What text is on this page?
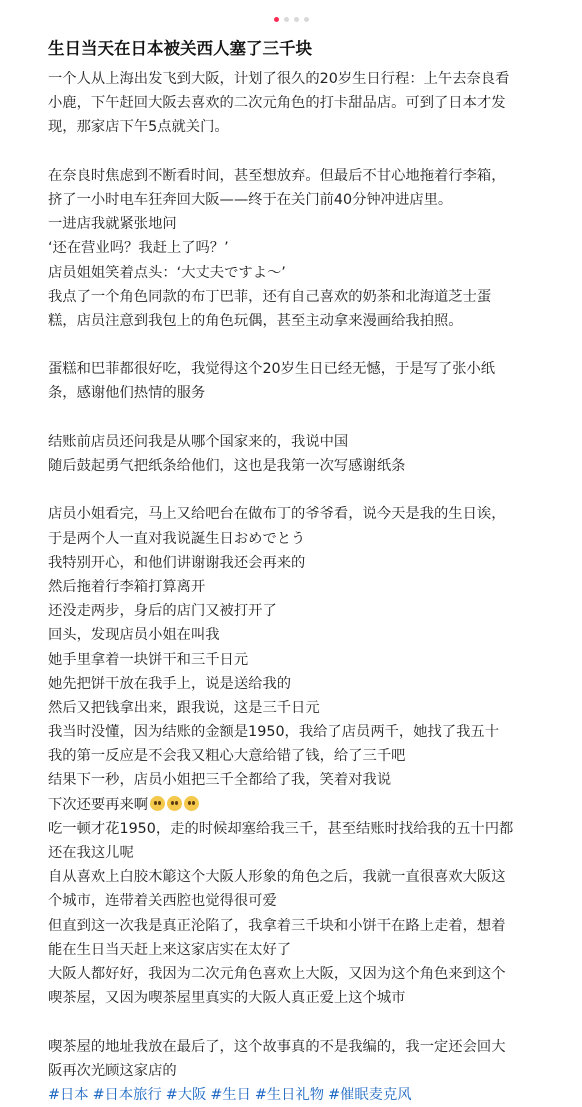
生日当天在日本被关西人塞了三千块
一个人从上海出发飞到大阪，计划了很久的20岁生日行程：上午去奈良看
小鹿，下午赶回大阪去喜欢的二次元角色的打卡甜品店。可到了日本才发
现，那家店下午5点就关门。
在奈良时焦虑到不断看时间，甚至想放弃。但最后不甘心地拖着行李箱，
挤了一小时电车狂奔回大阪——终于在关门前40分钟冲进店里。
一进店我就紧张地问
‘还在营业吗？我赶上了吗？’
店员姐姐笑着点头：‘大丈夫ですよ～’
我点了一个角色同款的布丁巴菲，还有自己喜欢的奶茶和北海道芝士蛋
糕，店员注意到我包上的角色玩偶，甚至主动拿来漫画给我拍照。
蛋糕和巴菲都很好吃，我觉得这个20岁生日已经无憾，于是写了张小纸
条，感谢他们热情的服务
结账前店员还问我是从哪个国家来的，我说中国
随后鼓起勇气把纸条给他们，这也是我第一次写感谢纸条
店员小姐看完，马上又给吧台在做布丁的爷爷看，说今天是我的生日诶，
于是两个人一直对我说誕生日おめでとう
我特别开心，和他们讲谢谢我还会再来的
然后拖着行李箱打算离开
还没走两步，身后的店门又被打开了
回头，发现店员小姐在叫我
她手里拿着一块饼干和三千日元
她先把饼干放在我手上，说是送给我的
然后又把钱拿出来，跟我说，这是三千日元
我当时没懂，因为结账的金额是1950，我给了店员两千，她找了我五十
我的第一反应是不会我又粗心大意给错了钱，给了三千吧
结果下一秒，店员小姐把三千全都给了我，笑着对我说
下次还要再来啊
吃一顿才花1950，走的时候却塞给我三千，甚至结账时找给我的五十円都
还在我这儿呢
自从喜欢上白胶木簓这个大阪人形象的角色之后，我就一直很喜欢大阪这
个城市，连带着关西腔也觉得很可爱
但直到这一次我是真正沦陷了，我拿着三千块和小饼干在路上走着，想着
能在生日当天赶上来这家店实在太好了
大阪人都好好，我因为二次元角色喜欢上大阪，又因为这个角色来到这个
喫茶屋，又因为喫茶屋里真实的大阪人真正爱上这个城市
喫茶屋的地址我放在最后了，这个故事真的不是我编的，我一定还会回大
阪再次光顾这家店的
#日本 #日本旅行 #大阪 #生日 #生日礼物 #催眠麦克风
